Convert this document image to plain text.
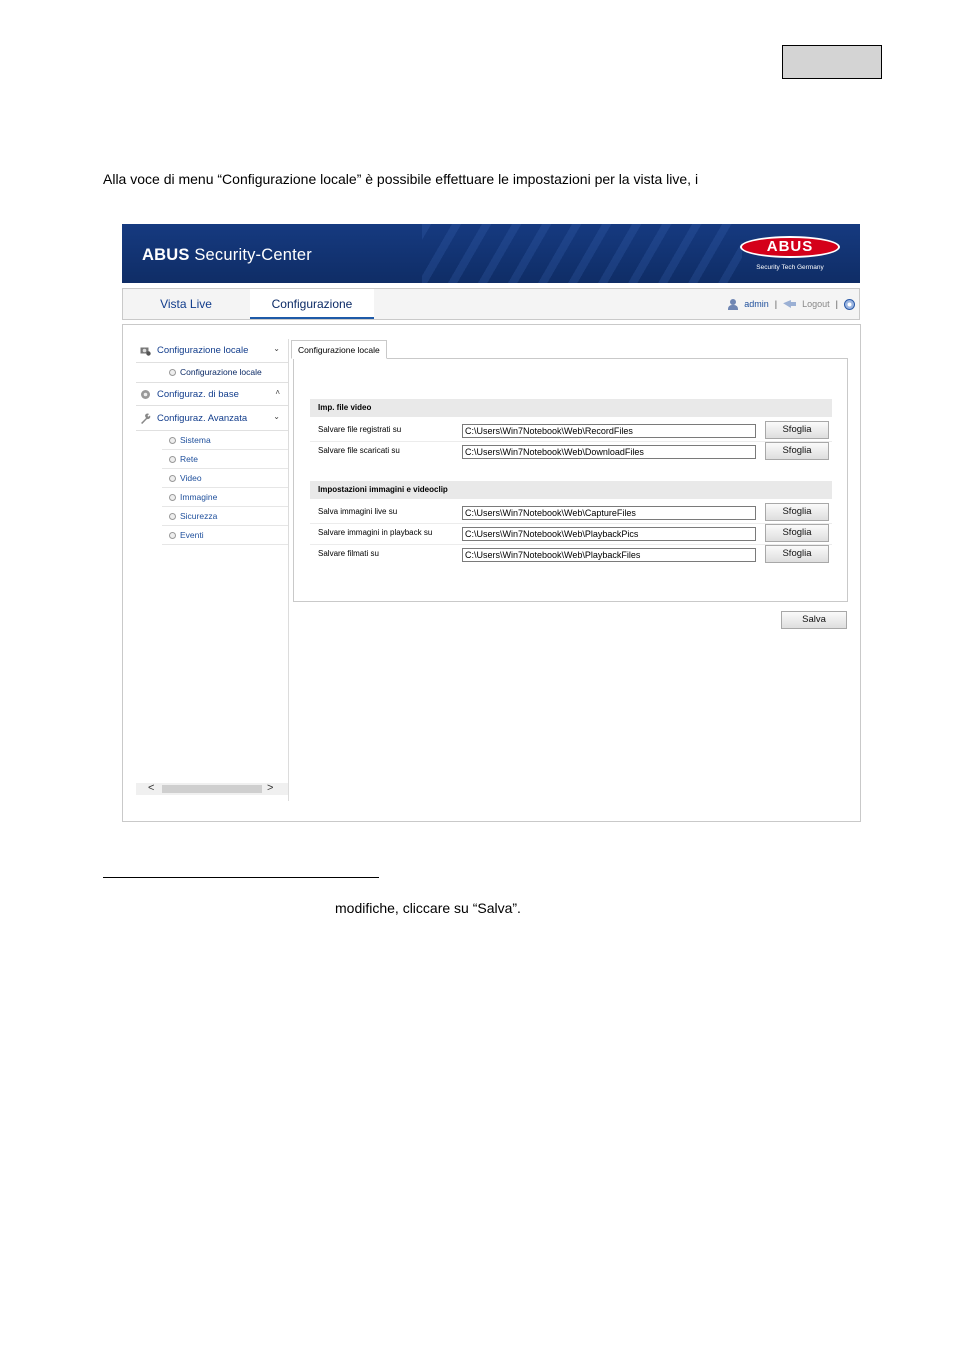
Alla voce di menu “Configurazione locale” è possibile effettuare le impostazioni per la vista live, i
ABUS Security-Center	ABUS
Security Tech Germany
Vista Live	Configurazione	admin |	Logout |
Configurazione locale	⌄
Configurazione locale
Configuraz. di base	˄
Configuraz. Avanzata	⌄
Sistema
Rete
Video
Immagine
Sicurezza
Eventi
<	>
Configurazione locale
Imp. file video
Salvare file registrati su	C:\Users\Win7Notebook\Web\RecordFiles	Sfoglia
Salvare file scaricati su	C:\Users\Win7Notebook\Web\DownloadFiles	Sfoglia
Impostazioni immagini e videoclip
Salva immagini live su	C:\Users\Win7Notebook\Web\CaptureFiles	Sfoglia
Salvare immagini in playback su	C:\Users\Win7Notebook\Web\PlaybackPics	Sfoglia
Salvare filmati su	C:\Users\Win7Notebook\Web\PlaybackFiles	Sfoglia
Salva
modifiche, cliccare su “Salva”.
